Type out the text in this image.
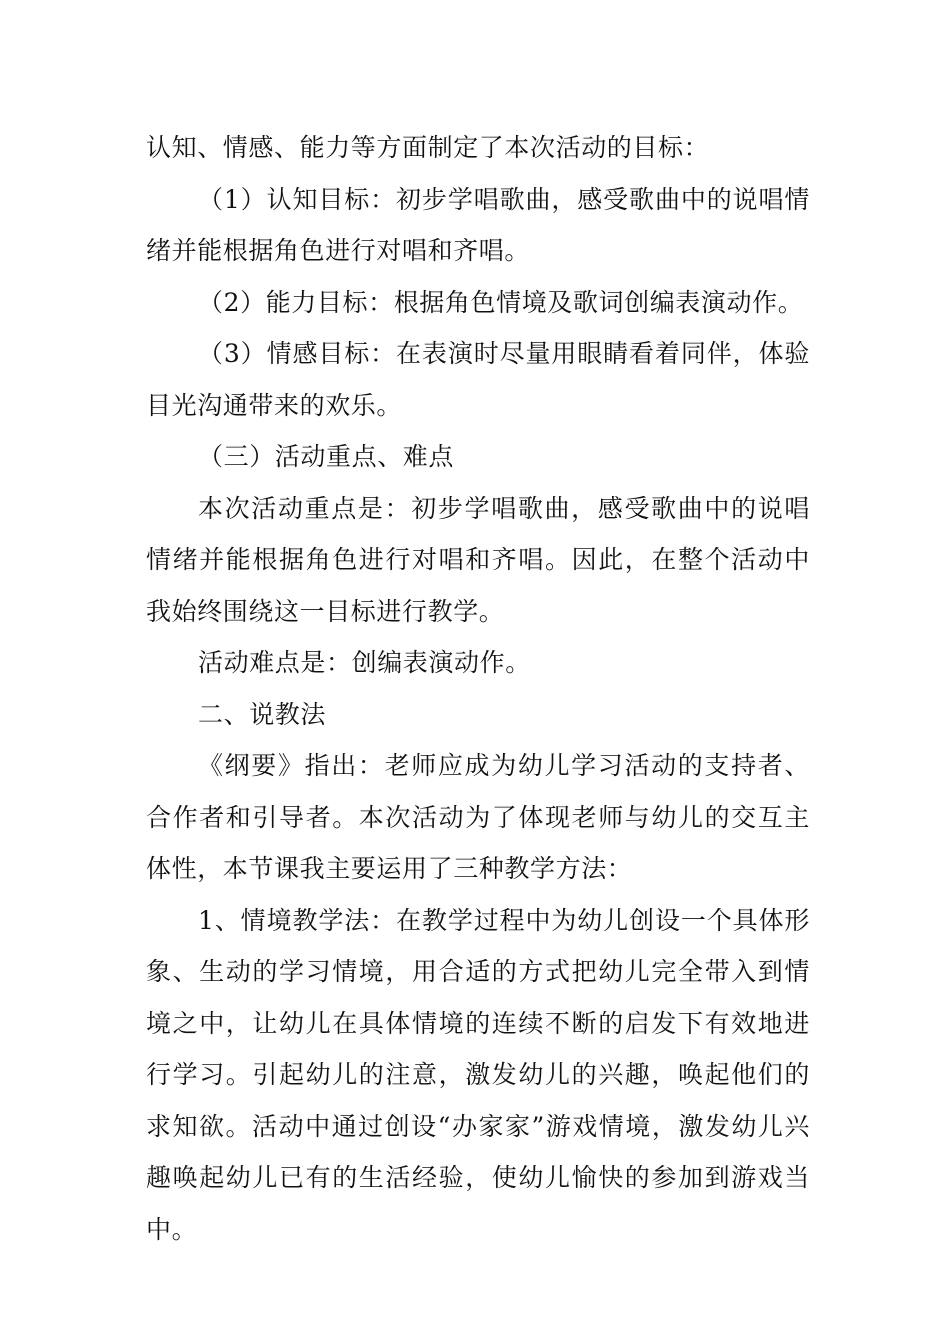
认知、情感、能力等方面制定了本次活动的目标：

（1）认知目标：初步学唱歌曲，感受歌曲中的说唱情绪并能根据角色进行对唱和齐唱。

（2）能力目标：根据角色情境及歌词创编表演动作。

（3）情感目标：在表演时尽量用眼睛看着同伴，体验目光沟通带来的欢乐。

（三）活动重点、难点

本次活动重点是：初步学唱歌曲，感受歌曲中的说唱情绪并能根据角色进行对唱和齐唱。因此，在整个活动中我始终围绕这一目标进行教学。

活动难点是：创编表演动作。

二、说教法

《纲要》指出：老师应成为幼儿学习活动的支持者、合作者和引导者。本次活动为了体现老师与幼儿的交互主体性，本节课我主要运用了三种教学方法：

1、情境教学法：在教学过程中为幼儿创设一个具体形象、生动的学习情境，用合适的方式把幼儿完全带入到情境之中，让幼儿在具体情境的连续不断的启发下有效地进行学习。引起幼儿的注意，激发幼儿的兴趣，唤起他们的求知欲。活动中通过创设“办家家”游戏情境，激发幼儿兴趣唤起幼儿已有的生活经验，使幼儿愉快的参加到游戏当中。
